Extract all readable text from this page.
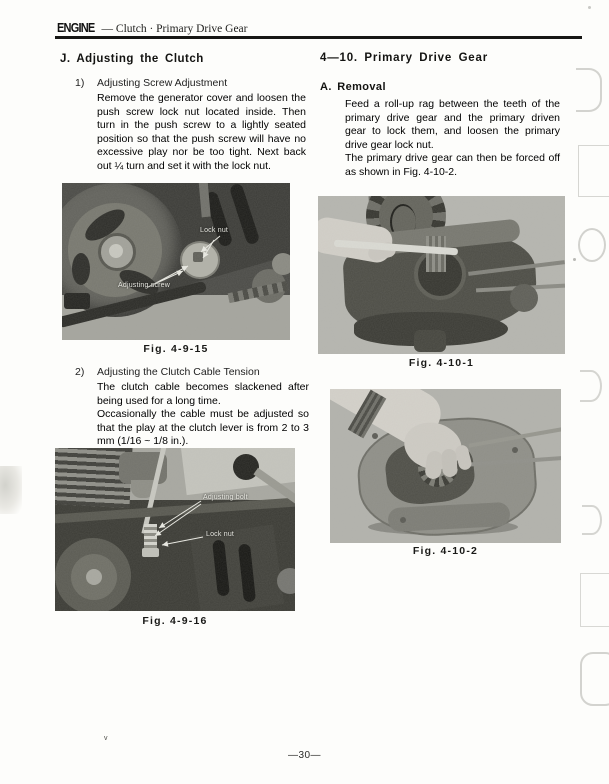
ENGINE — Clutch · Primary Drive Gear
J. Adjusting the Clutch
1) Adjusting Screw Adjustment
Remove the generator cover and loosen the push screw lock nut located inside. Then turn in the push screw to a lightly seated position so that the push screw will have no excessive play nor be too tight. Next back out ¼ turn and set it with the lock nut.
Lock nut
Adjusting screw
Fig. 4-9-15
2) Adjusting the Clutch Cable Tension

The clutch cable becomes slackened after being used for a long time.

Occasionally the cable must be adjusted so that the play at the clutch lever is from 2 to 3 mm (1/16 ~ 1/8 in.).

Adjusting bolt
Lock nut
Fig. 4-9-16
4—10. Primary Drive Gear
A. Removal

Feed a roll-up rag between the teeth of the primary drive gear and the primary driven gear to lock them, and loosen the primary drive gear lock nut.

The primary drive gear can then be forced off as shown in Fig. 4-10-2.

Fig. 4-10-1
Fig. 4-10-2
—30—
v
